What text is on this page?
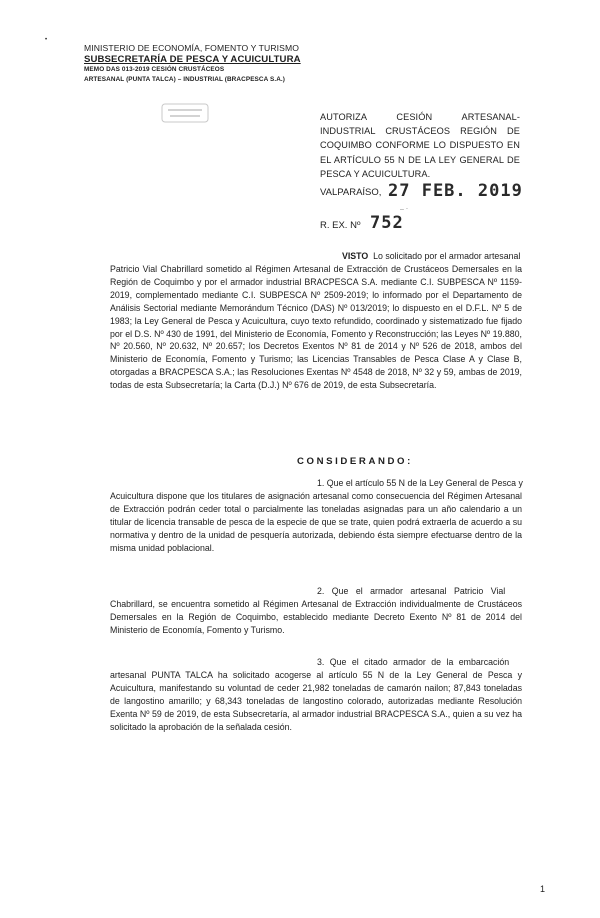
•
MINISTERIO DE ECONOMÍA, FOMENTO Y TURISMO
SUBSECRETARÍA DE PESCA Y ACUICULTURA
MEMO DAS 013-2019 CESIÓN CRUSTÁCEOS
ARTESANAL (PUNTA TALCA) – INDUSTRIAL (BRACPESCA S.A.)
AUTORIZA CESIÓN ARTESANAL-INDUSTRIAL CRUSTÁCEOS REGIÓN DE COQUIMBO CONFORME LO DISPUESTO EN EL ARTÍCULO 55 N DE LA LEY GENERAL DE PESCA Y ACUICULTURA.
VALPARAÍSO, 27 FEB. 2019
– ⋅
R. EX. Nº 752
VISTO Lo solicitado por el armador artesanal
Patricio Vial Chabrillard sometido al Régimen Artesanal de Extracción de Crustáceos Demersales en la Región de Coquimbo y por el armador industrial BRACPESCA S.A. mediante C.I. SUBPESCA Nº 1159-2019, complementado mediante C.I. SUBPESCA Nº 2509-2019; lo informado por el Departamento de Análisis Sectorial mediante Memorándum Técnico (DAS) Nº 013/2019; lo dispuesto en el D.F.L. Nº 5 de 1983; la Ley General de Pesca y Acuicultura, cuyo texto refundido, coordinado y sistematizado fue fijado por el D.S. Nº 430 de 1991, del Ministerio de Economía, Fomento y Reconstrucción; las Leyes Nº 19.880, Nº 20.560, Nº 20.632, Nº 20.657; los Decretos Exentos Nº 81 de 2014 y Nº 526 de 2018, ambos del Ministerio de Economía, Fomento y Turismo; las Licencias Transables de Pesca Clase A y Clase B, otorgadas a BRACPESCA S.A.; las Resoluciones Exentas Nº 4548 de 2018, Nº 32 y 59, ambas de 2019, todas de esta Subsecretaría; la Carta (D.J.) Nº 676 de 2019, de esta Subsecretaría.
CONSIDERANDO:
1. Que el artículo 55 N de la Ley General de Pesca y
Acuicultura dispone que los titulares de asignación artesanal como consecuencia del Régimen Artesanal de Extracción podrán ceder total o parcialmente las toneladas asignadas para un año calendario a un titular de licencia transable de pesca de la especie de que se trate, quien podrá extraerla de acuerdo a su normativa y dentro de la unidad de pesquería autorizada, debiendo ésta siempre efectuarse dentro de la misma unidad poblacional.
2. Que el armador artesanal Patricio Vial
Chabrillard, se encuentra sometido al Régimen Artesanal de Extracción individualmente de Crustáceos Demersales en la Región de Coquimbo, establecido mediante Decreto Exento Nº 81 de 2014 del Ministerio de Economía, Fomento y Turismo.
3. Que el citado armador de la embarcación
artesanal PUNTA TALCA ha solicitado acogerse al artículo 55 N de la Ley General de Pesca y Acuicultura, manifestando su voluntad de ceder 21,982 toneladas de camarón nailon; 87,843 toneladas de langostino amarillo; y 68,343 toneladas de langostino colorado, autorizadas mediante Resolución Exenta Nº 59 de 2019, de esta Subsecretaría, al armador industrial BRACPESCA S.A., quien a su vez ha solicitado la aprobación de la señalada cesión.
1
